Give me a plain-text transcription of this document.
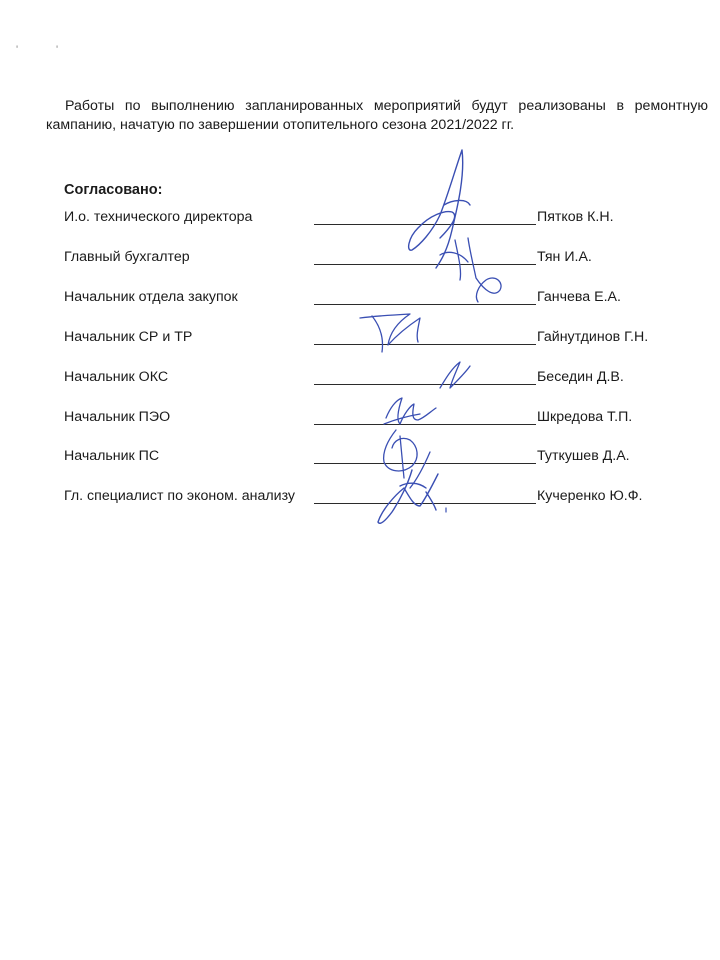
'	'

Работы по выполнению запланированных мероприятий будут реализованы в ремонтную кампанию, начатую по завершении отопительного сезона 2021/2022 гг.

Согласовано:
И.о. технического директора	Пятков К.Н.
Главный бухгалтер	Тян И.А.
Начальник отдела закупок	Ганчева Е.А.
Начальник СР и ТР	Гайнутдинов Г.Н.
Начальник ОКС	Беседин Д.В.
Начальник ПЭО	Шкредова Т.П.
Начальник ПС	Туткушев Д.А.
Гл. специалист по эконом. анализу	Кучеренко Ю.Ф.
